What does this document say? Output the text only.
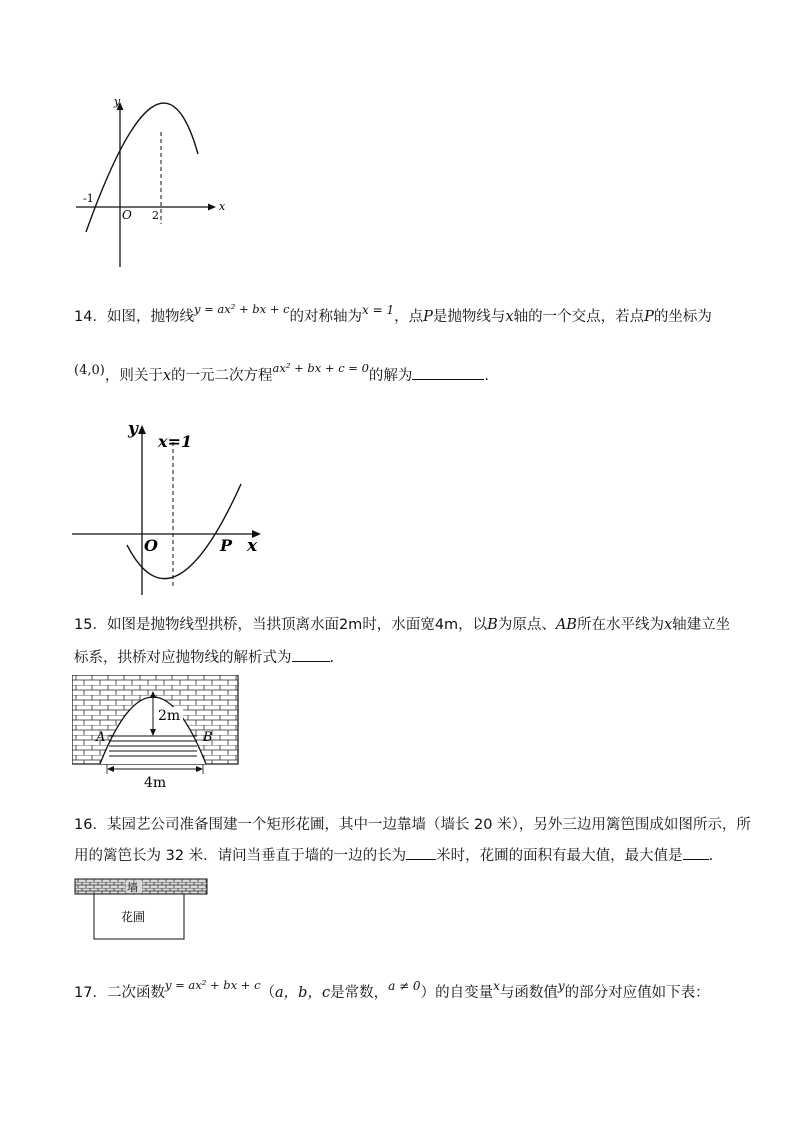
y
x
O
-1
2
14．如图，抛物线$^{y = ax^2 + bx + c}$的对称轴为$^{x = 1}$，点P是抛物线与x轴的一个交点，若点P的坐标为
(4,0)，则关于x的一元二次方程$^{ax^2 + bx + c = 0}$的解为	.
y
x=1
O	P x
15．如图是抛物线型拱桥，当拱顶离水面2m时，水面宽4m，以B为原点、AB所在水平线为x轴建立坐
标系，拱桥对应抛物线的解析式为	.
2m
A	B
4m
16．某园艺公司准备围建一个矩形花圃，其中一边靠墙（墙长 20 米），另外三边用篱笆围成如图所示，所
用的篱笆长为 32 米．请问当垂直于墙的一边的长为 米时，花圃的面积有最大值，最大值是 .
墙
花圃
17．二次函数$^{y = ax^2 + bx + c}$（a，b，c是常数，$^{a \ne 0}$）的自变量$^x$与函数值$^y$的部分对应值如下表：
